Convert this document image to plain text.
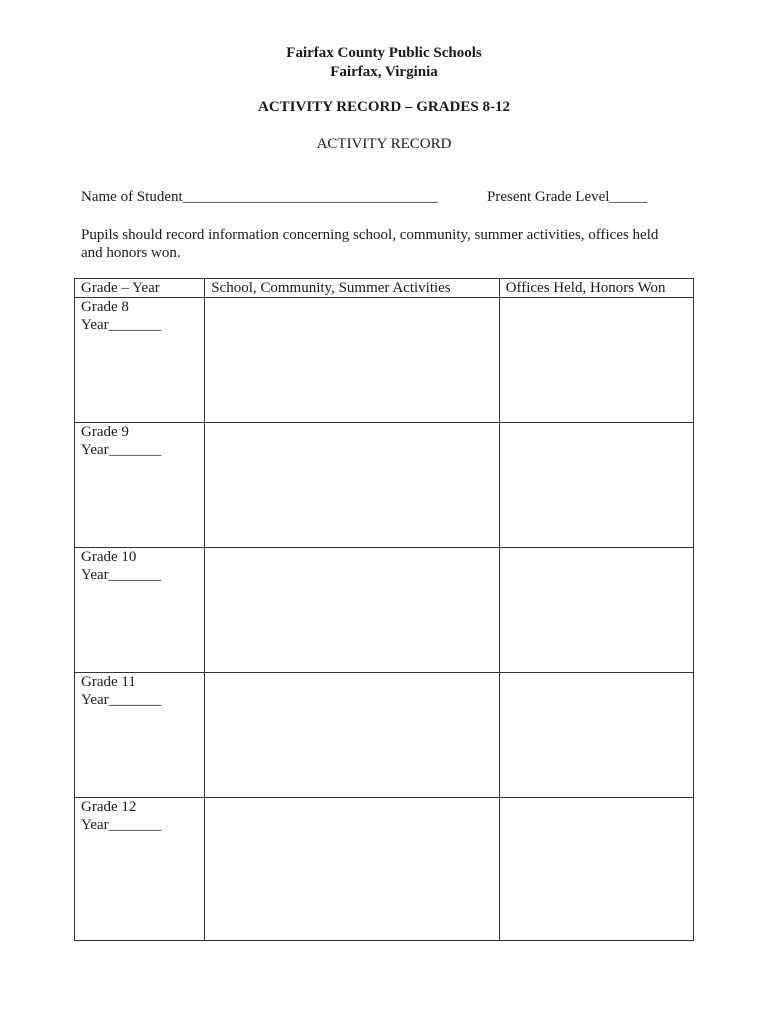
Fairfax County Public Schools
Fairfax, Virginia
ACTIVITY RECORD – GRADES 8-12
ACTIVITY RECORD
Name of Student__________________________________	Present Grade Level_____
Pupils should record information concerning school, community, summer activities, offices held and honors won.
Grade – Year	School, Community, Summer Activities	Offices Held, Honors Won

Grade 8
Year_______		

Grade 9
Year_______		

Grade 10
Year_______		

Grade 11
Year_______		

Grade 12
Year_______		
